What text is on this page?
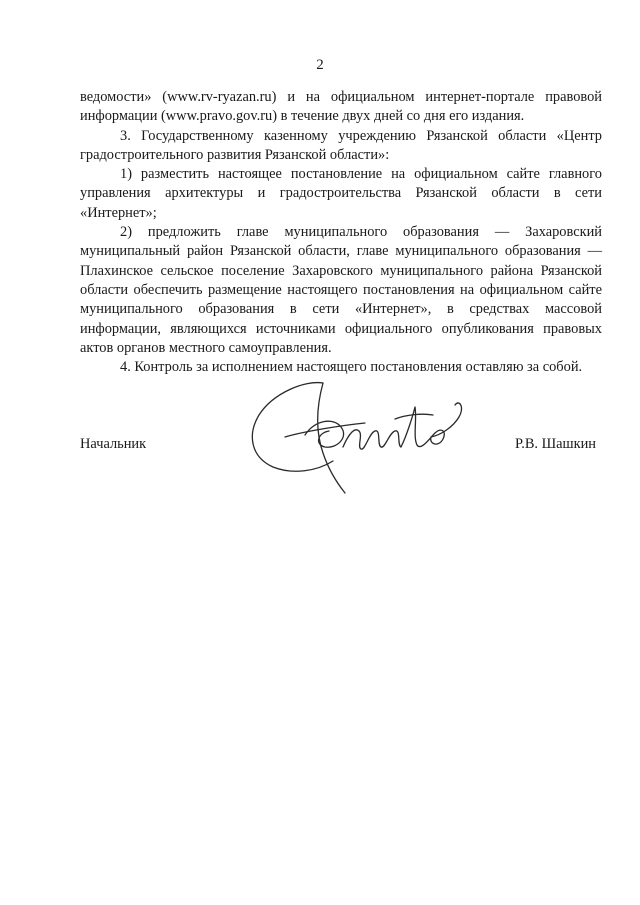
2

ведомости» (www.rv-ryazan.ru) и на официальном интернет-портале правовой информации (www.pravo.gov.ru) в течение двух дней со дня его издания.

3. Государственному казенному учреждению Рязанской области «Центр градостроительного развития Рязанской области»:

1) разместить настоящее постановление на официальном сайте главного управления архитектуры и градостроительства Рязанской области в сети «Интернет»;

2) предложить главе муниципального образования — Захаровский муниципальный район Рязанской области, главе муниципального образования — Плахинское сельское поселение Захаровского муниципального района Рязанской области обеспечить размещение настоящего постановления на официальном сайте муниципального образования в сети «Интернет», в средствах массовой информации, являющихся источниками официального опубликования правовых актов органов местного самоуправления.

4. Контроль за исполнением настоящего постановления оставляю за собой.

Начальник	Р.В. Шашкин
